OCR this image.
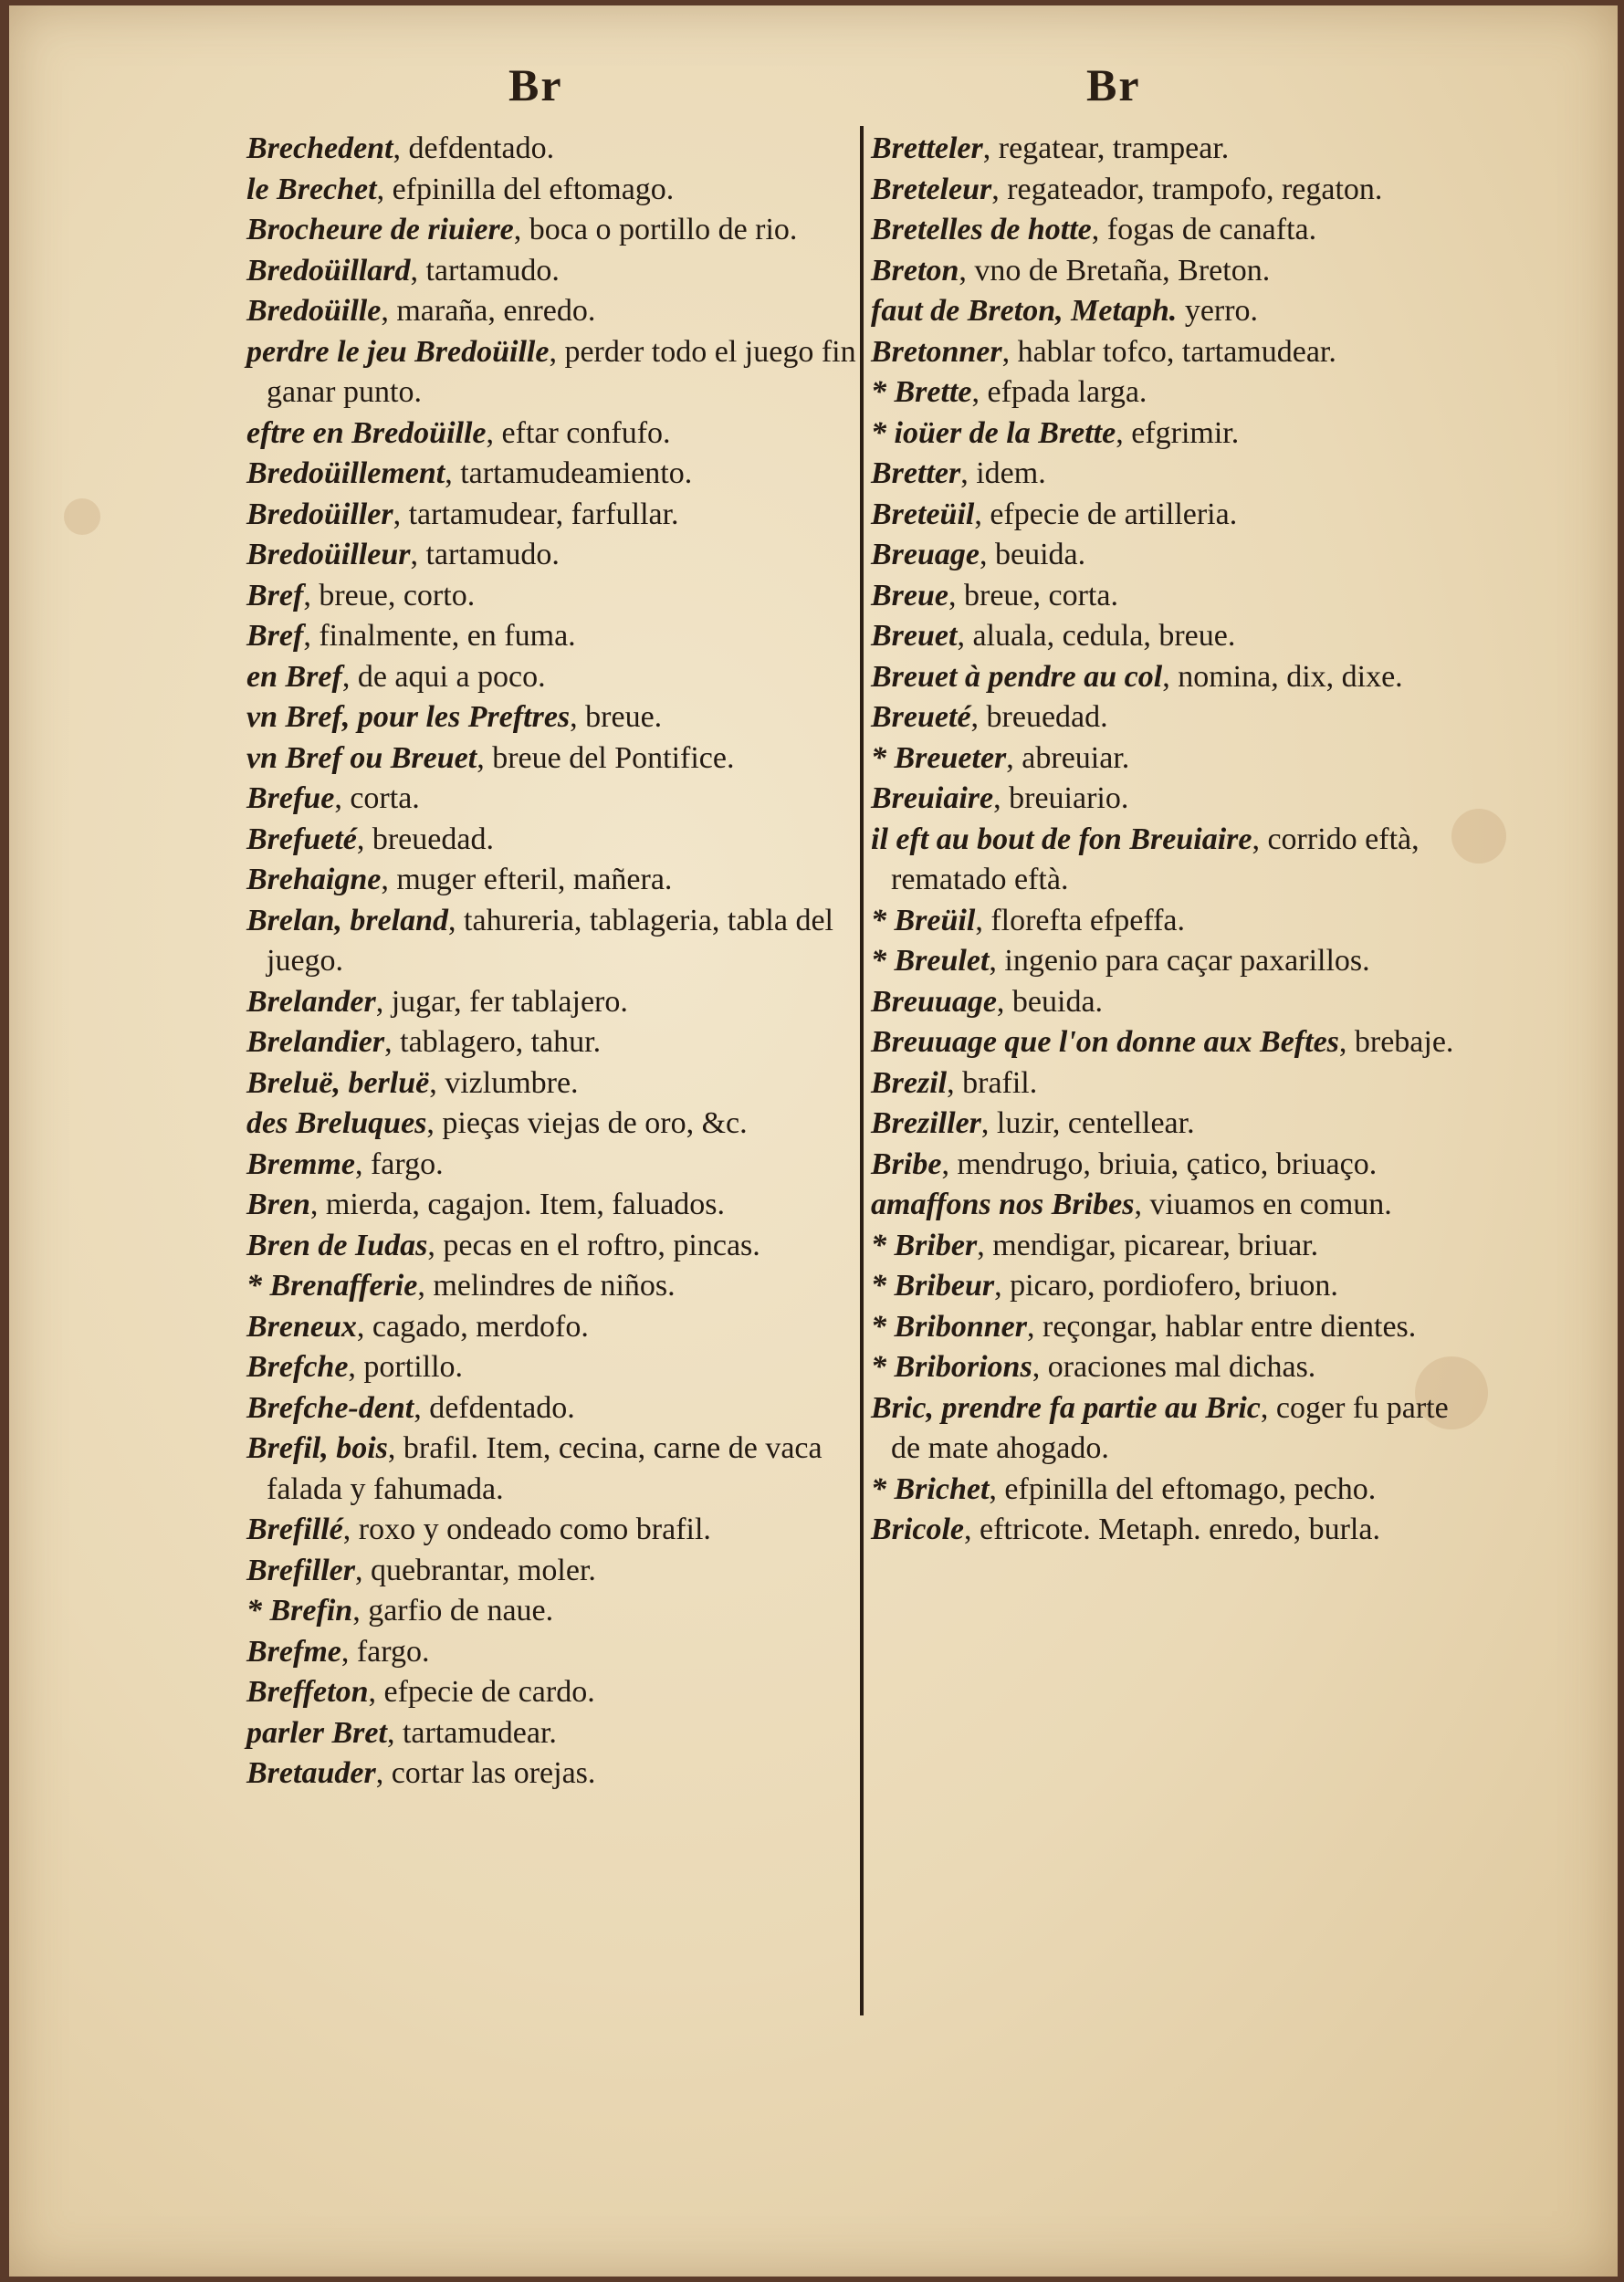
Br	Br
Brechedent, defdentado.
le Brechet, efpinilla del eftomago.
Brocheure de riuiere, boca o portillo de rio.
Bredoüillard, tartamudo.
Bredoüille, maraña, enredo.
perdre le jeu Bredoüille, perder todo el juego fin ganar punto.
eftre en Bredoüille, eftar confufo.
Bredoüillement, tartamudeamiento.
Bredoüiller, tartamudear, farfullar.
Bredoüilleur, tartamudo.
Bref, breue, corto.
Bref, finalmente, en fuma.
en Bref, de aqui a poco.
vn Bref, pour les Preftres, breue.
vn Bref ou Breuet, breue del Pontifice.
Brefue, corta.
Brefueté, breuedad.
Brehaigne, muger efteril, mañera.
Brelan, breland, tahureria, tablageria, tabla del juego.
Brelander, jugar, fer tablajero.
Brelandier, tablagero, tahur.
Breluë, berluë, vizlumbre.
des Breluques, pieças viejas de oro, &c.
Bremme, fargo.
Bren, mierda, cagajon. Item, faluados.
Bren de Iudas, pecas en el roftro, pincas.
* Brenafferie, melindres de niños.
Breneux, cagado, merdofo.
Brefche, portillo.
Brefche-dent, defdentado.
Brefil, bois, brafil. Item, cecina, carne de vaca falada y fahumada.
Brefillé, roxo y ondeado como brafil.
Brefiller, quebrantar, moler.
* Brefin, garfio de naue.
Brefme, fargo.
Breffeton, efpecie de cardo.
parler Bret, tartamudear.
Bretauder, cortar las orejas.
Bretteler, regatear, trampear.
Breteleur, regateador, trampofo, regaton.
Bretelles de hotte, fogas de canafta.
Breton, vno de Bretaña, Breton.
faut de Breton, Metaph. yerro.
Bretonner, hablar tofco, tartamudear.
* Brette, efpada larga.
* ioüer de la Brette, efgrimir.
Bretter, idem.
Breteüil, efpecie de artilleria.
Breuage, beuida.
Breue, breue, corta.
Breuet, aluala, cedula, breue.
Breuet à pendre au col, nomina, dix, dixe.
Breueté, breuedad.
* Breueter, abreuiar.
Breuiaire, breuiario.
il eft au bout de fon Breuiaire, corrido eftà, rematado eftà.
* Breüil, florefta efpeffa.
* Breulet, ingenio para caçar paxarillos.
Breuuage, beuida.
Breuuage que l'on donne aux Beftes, brebaje.
Brezil, brafil.
Breziller, luzir, centellear.
Bribe, mendrugo, briuia, çatico, briuaço.
amaffons nos Bribes, viuamos en comun.
* Briber, mendigar, picarear, briuar.
* Bribeur, picaro, pordiofero, briuon.
* Bribonner, reçongar, hablar entre dientes.
* Briborions, oraciones mal dichas.
Bric, prendre fa partie au Bric, coger fu parte de mate ahogado.
* Brichet, efpinilla del eftomago, pecho.
Bricole, eftricote. Metaph. enredo, burla.
